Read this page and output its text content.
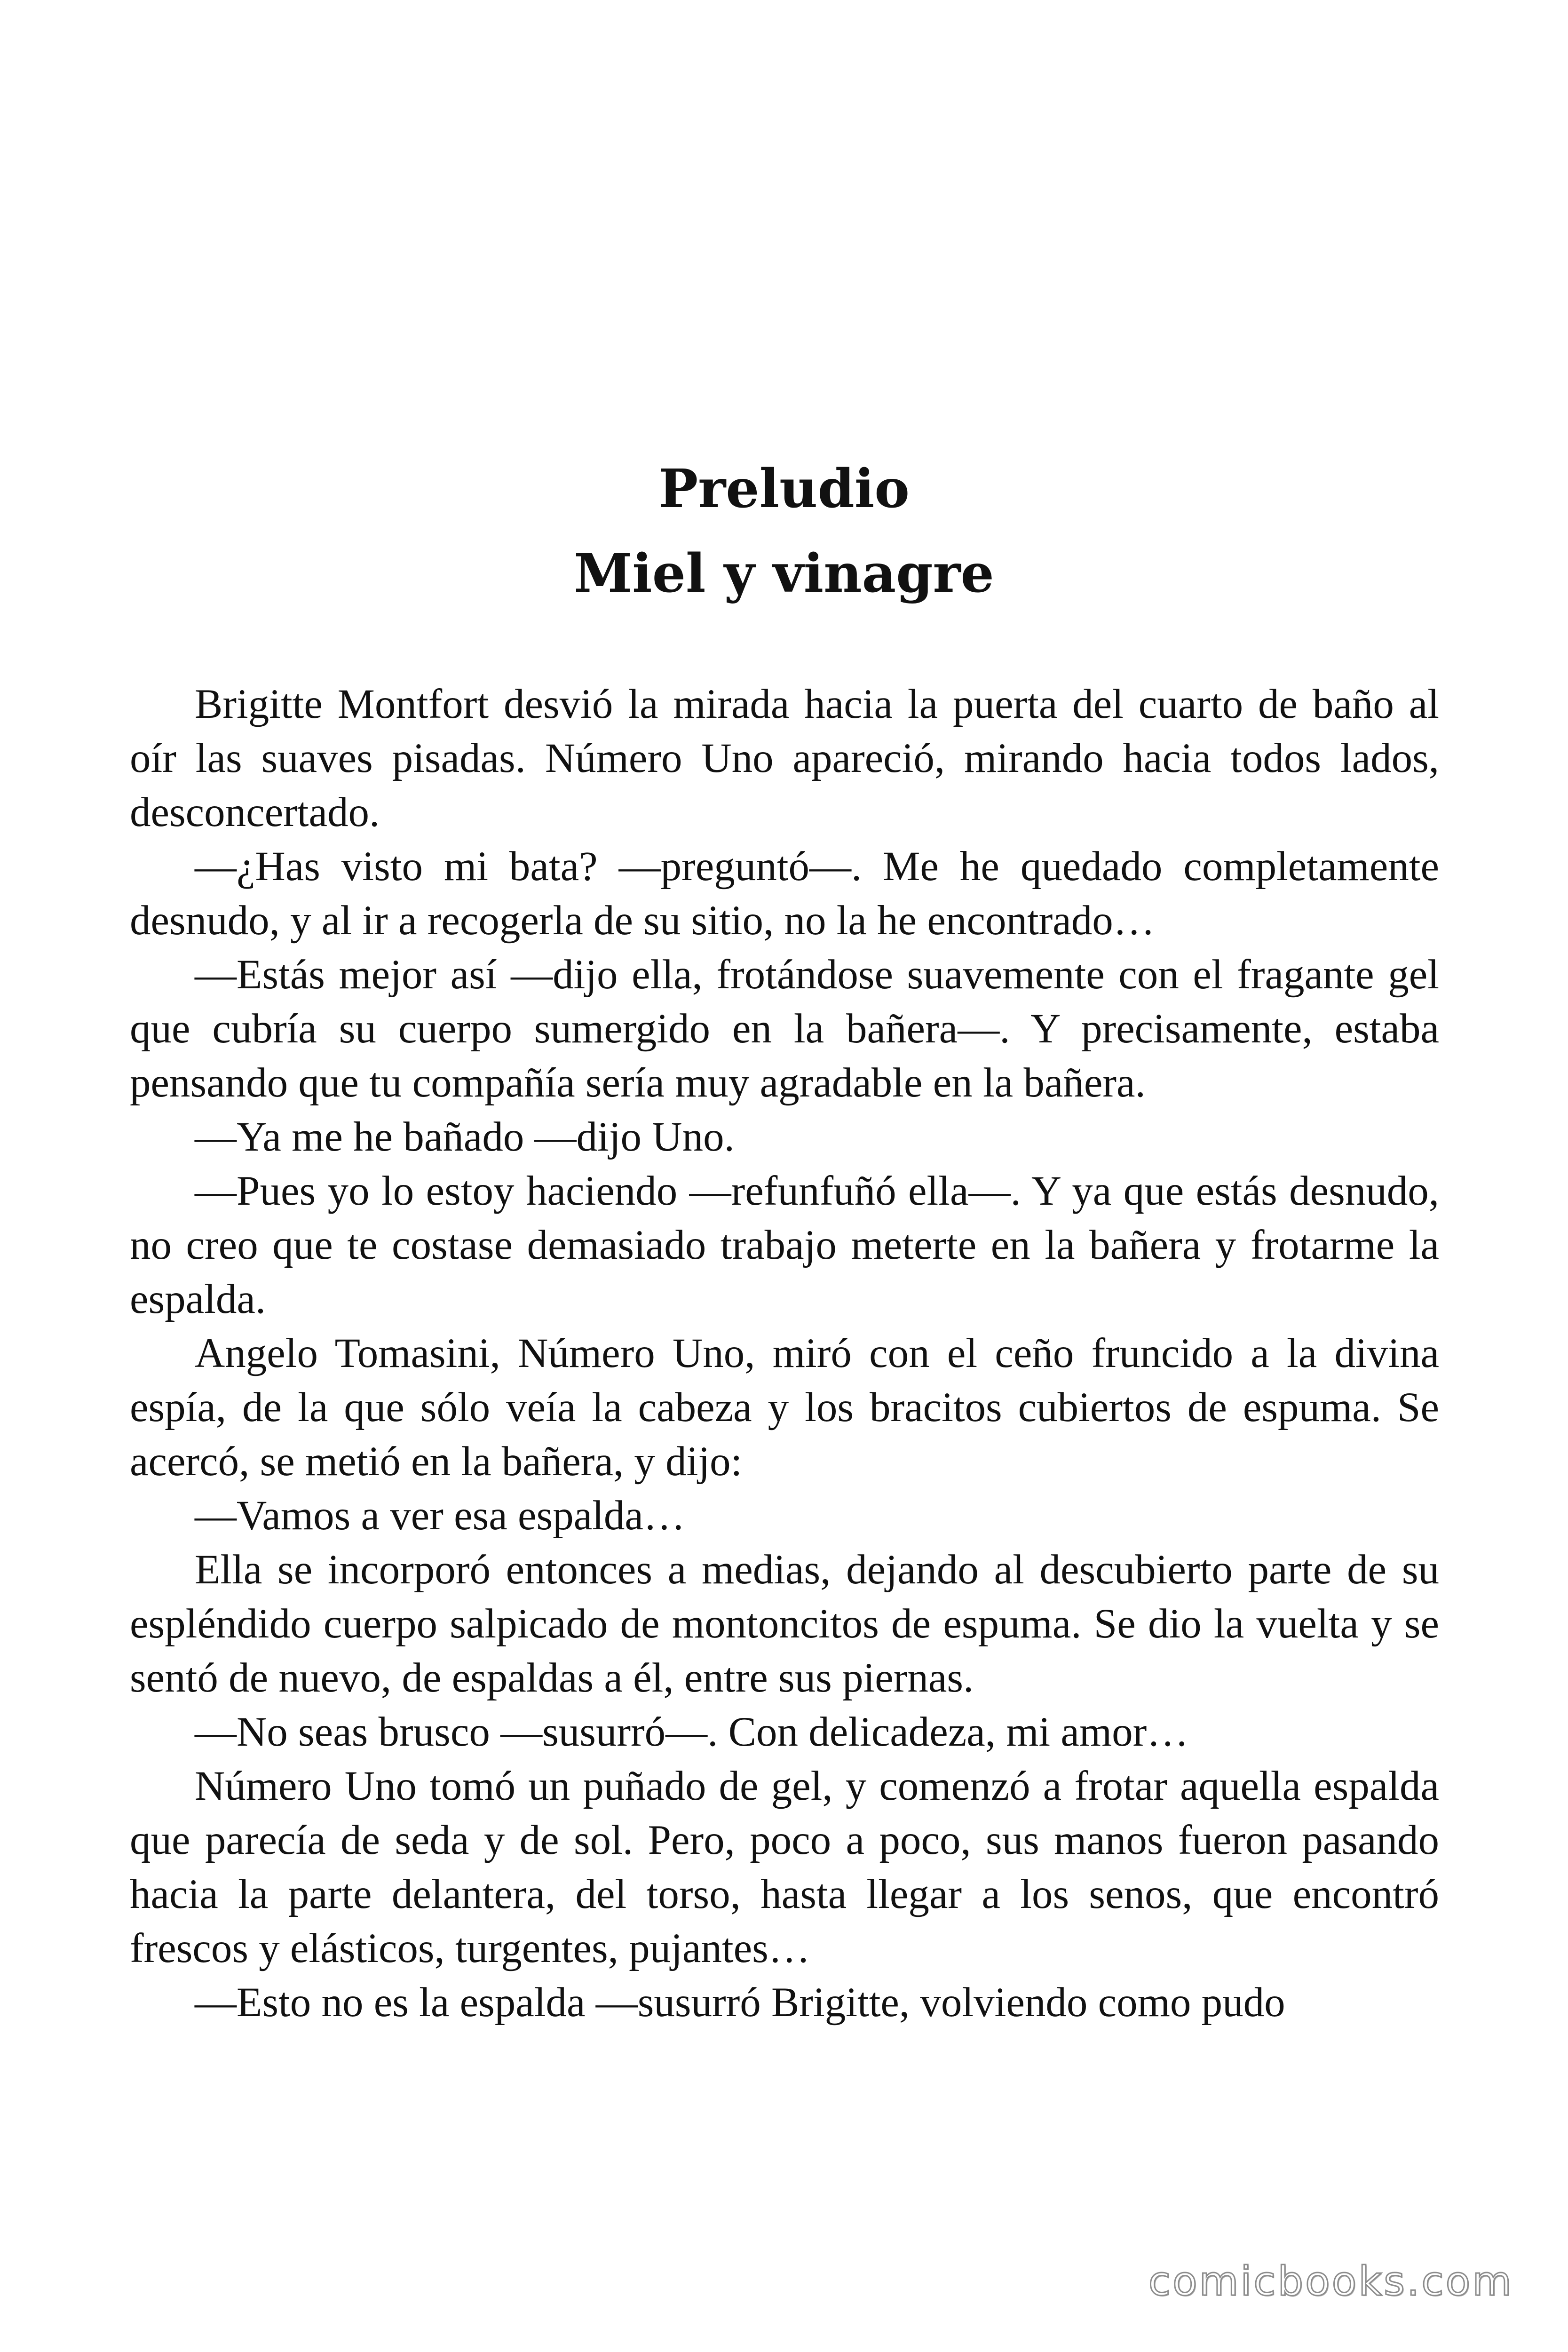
Preludio
Miel y vinagre

Brigitte Montfort desvió la mirada hacia la puerta del cuarto de baño al oír las suaves pisadas. Número Uno apareció, mirando hacia todos lados, desconcertado.

—¿Has visto mi bata? —preguntó—. Me he quedado completamente desnudo, y al ir a recogerla de su sitio, no la he encontrado…

—Estás mejor así —dijo ella, frotándose suavemente con el fragante gel que cubría su cuerpo sumergido en la bañera—. Y precisamente, estaba pensando que tu compañía sería muy agradable en la bañera.

—Ya me he bañado —dijo Uno.

—Pues yo lo estoy haciendo —refunfuñó ella—. Y ya que estás desnudo, no creo que te costase demasiado trabajo meterte en la bañera y frotarme la espalda.

Angelo Tomasini, Número Uno, miró con el ceño fruncido a la divina espía, de la que sólo veía la cabeza y los bracitos cubiertos de espuma. Se acercó, se metió en la bañera, y dijo:

—Vamos a ver esa espalda…

Ella se incorporó entonces a medias, dejando al descubierto parte de su espléndido cuerpo salpicado de montoncitos de espuma. Se dio la vuelta y se sentó de nuevo, de espaldas a él, entre sus piernas.

—No seas brusco —susurró—. Con delicadeza, mi amor…

Número Uno tomó un puñado de gel, y comenzó a frotar aquella espalda que parecía de seda y de sol. Pero, poco a poco, sus manos fueron pasando hacia la parte delantera, del torso, hasta llegar a los senos, que encontró frescos y elásticos, turgentes, pujantes…

—Esto no es la espalda —susurró Brigitte, volviendo como pudo

comicbooks.com
